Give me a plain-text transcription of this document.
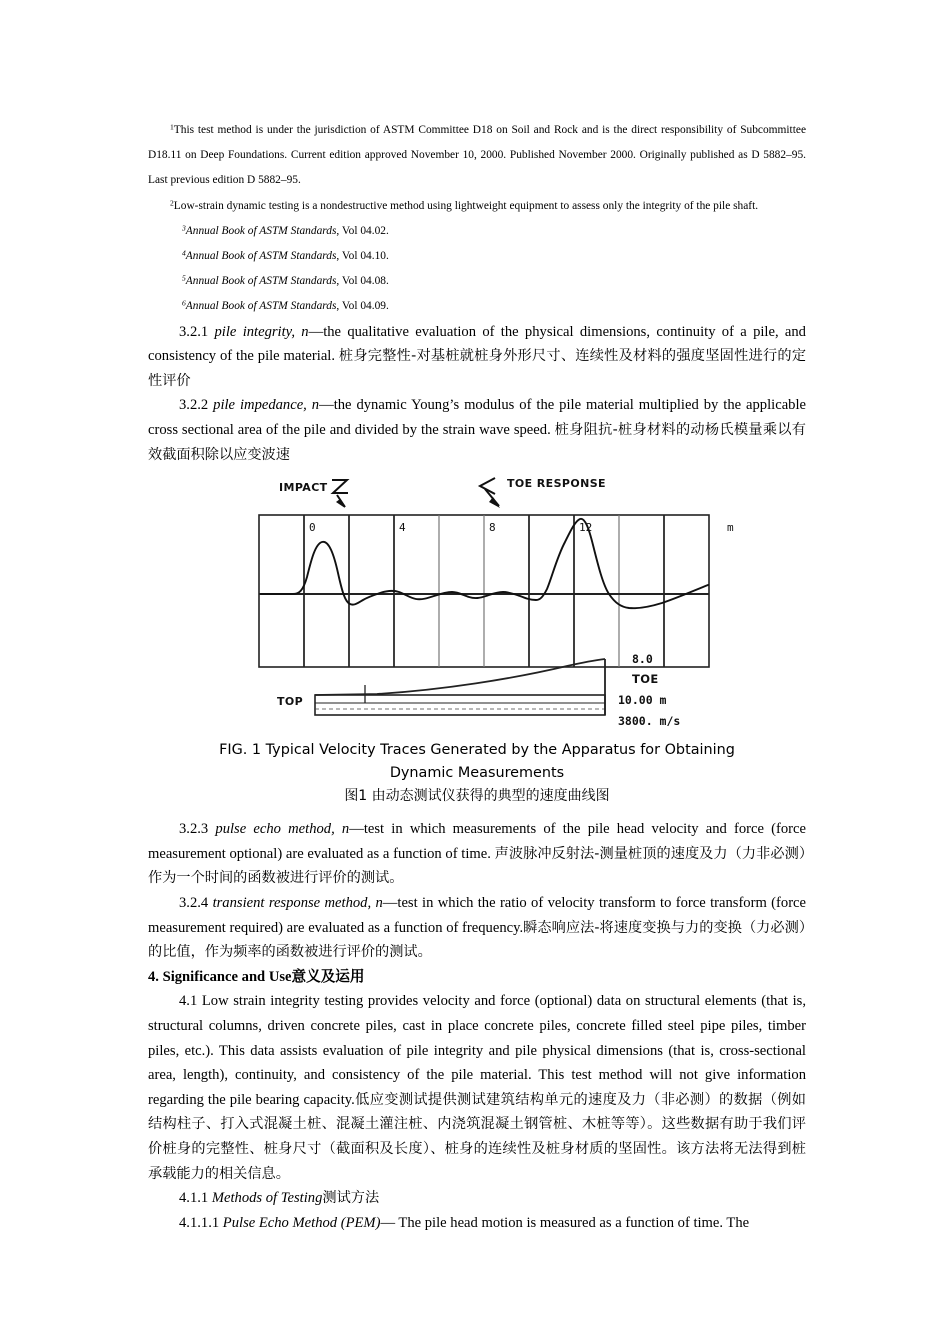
$^1$This test method is under the jurisdiction of ASTM Committee D18 on Soil and Rock and is the direct responsibility of Subcommittee D18.11 on Deep Foundations. Current edition approved November 10, 2000. Published November 2000. Originally published as D 5882–95. Last previous edition D 5882–95.

$^2$Low-strain dynamic testing is a nondestructive method using lightweight equipment to assess only the integrity of the pile shaft.

$^3$Annual Book of ASTM Standards, Vol 04.02.

$^4$Annual Book of ASTM Standards, Vol 04.10.

$^5$Annual Book of ASTM Standards, Vol 04.08.

$^6$Annual Book of ASTM Standards, Vol 04.09.

3.2.1 pile integrity, n—the qualitative evaluation of the physical dimensions, continuity of a pile, and consistency of the pile material. 桩身完整性-对基桩就桩身外形尺寸、连续性及材料的强度坚固性进行的定性评价

3.2.2 pile impedance, n—the dynamic Young’s modulus of the pile material multiplied by the applicable cross sectional area of the pile and divided by the strain wave speed. 桩身阻抗-桩身材料的动杨氏模量乘以有效截面积除以应变波速

IMPACT	TOE RESPONSE
0	4	8	12	m
TOP
8.0
TOE
10.00 m
3800. m/s

FIG. 1 Typical Velocity Traces Generated by the Apparatus for Obtaining Dynamic Measurements

图1 由动态测试仪获得的典型的速度曲线图

3.2.3 pulse echo method, n—test in which measurements of the pile head velocity and force (force measurement optional) are evaluated as a function of time. 声波脉冲反射法-测量桩顶的速度及力（力非必测）作为一个时间的函数被进行评价的测试。

3.2.4 transient response method, n—test in which the ratio of velocity transform to force transform (force measurement required) are evaluated as a function of frequency.瞬态响应法-将速度变换与力的变换（力必测）的比值，作为频率的函数被进行评价的测试。

4. Significance and Use意义及运用

4.1 Low strain integrity testing provides velocity and force (optional) data on structural elements (that is, structural columns, driven concrete piles, cast in place concrete piles, concrete filled steel pipe piles, timber piles, etc.). This data assists evaluation of pile integrity and pile physical dimensions (that is, cross-sectional area, length), continuity, and consistency of the pile material. This test method will not give information regarding the pile bearing capacity.低应变测试提供测试建筑结构单元的速度及力（非必测）的数据（例如结构柱子、打入式混凝土桩、混凝土灌注桩、内浇筑混凝土钢管桩、木桩等等）。这些数据有助于我们评价桩身的完整性、桩身尺寸（截面积及长度）、桩身的连续性及桩身材质的坚固性。该方法将无法得到桩承载能力的相关信息。

4.1.1 Methods of Testing测试方法

4.1.1.1 Pulse Echo Method (PEM)— The pile head motion is measured as a function of time. The
